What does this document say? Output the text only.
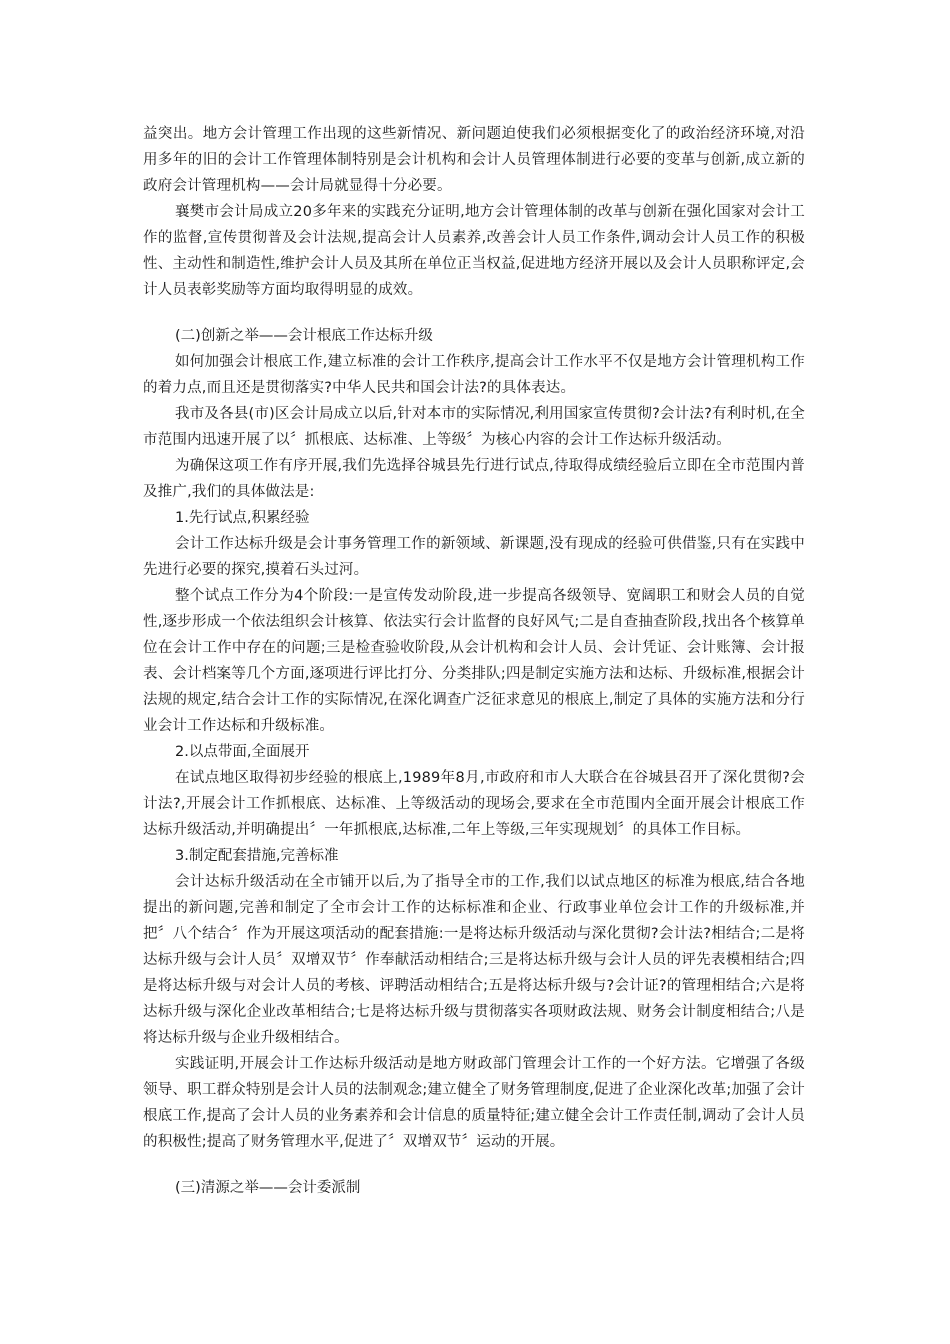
益突出。地方会计管理工作出现的这些新情况、新问题迫使我们必须根据变化了的政治经济环境,对沿用多年的旧的会计工作管理体制特别是会计机构和会计人员管理体制进行必要的变革与创新,成立新的政府会计管理机构——会计局就显得十分必要。

襄樊市会计局成立20多年来的实践充分证明,地方会计管理体制的改革与创新在强化国家对会计工作的监督,宣传贯彻普及会计法规,提高会计人员素养,改善会计人员工作条件,调动会计人员工作的积极性、主动性和制造性,维护会计人员及其所在单位正当权益,促进地方经济开展以及会计人员职称评定,会计人员表彰奖励等方面均取得明显的成效。

(二)创新之举——会计根底工作达标升级

如何加强会计根底工作,建立标准的会计工作秩序,提高会计工作水平不仅是地方会计管理机构工作的着力点,而且还是贯彻落实?中华人民共和国会计法?的具体表达。

我市及各县(市)区会计局成立以后,针对本市的实际情况,利用国家宣传贯彻?会计法?有利时机,在全市范围内迅速开展了以〞抓根底、达标准、上等级〞为核心内容的会计工作达标升级活动。

为确保这项工作有序开展,我们先选择谷城县先行进行试点,待取得成绩经验后立即在全市范围内普及推广,我们的具体做法是:

1.先行试点,积累经验

会计工作达标升级是会计事务管理工作的新领域、新课题,没有现成的经验可供借鉴,只有在实践中先进行必要的探究,摸着石头过河。

整个试点工作分为4个阶段:一是宣传发动阶段,进一步提高各级领导、宽阔职工和财会人员的自觉性,逐步形成一个依法组织会计核算、依法实行会计监督的良好风气;二是自查抽查阶段,找出各个核算单位在会计工作中存在的问题;三是检查验收阶段,从会计机构和会计人员、会计凭证、会计账簿、会计报表、会计档案等几个方面,逐项进行评比打分、分类排队;四是制定实施方法和达标、升级标准,根据会计法规的规定,结合会计工作的实际情况,在深化调查广泛征求意见的根底上,制定了具体的实施方法和分行业会计工作达标和升级标准。

2.以点带面,全面展开

在试点地区取得初步经验的根底上,1989年8月,市政府和市人大联合在谷城县召开了深化贯彻?会计法?,开展会计工作抓根底、达标准、上等级活动的现场会,要求在全市范围内全面开展会计根底工作达标升级活动,并明确提出〞一年抓根底,达标准,二年上等级,三年实现规划〞的具体工作目标。

3.制定配套措施,完善标准

会计达标升级活动在全市铺开以后,为了指导全市的工作,我们以试点地区的标准为根底,结合各地提出的新问题,完善和制定了全市会计工作的达标标准和企业、行政事业单位会计工作的升级标准,并把〞八个结合〞作为开展这项活动的配套措施:一是将达标升级活动与深化贯彻?会计法?相结合;二是将达标升级与会计人员〞双增双节〞作奉献活动相结合;三是将达标升级与会计人员的评先表模相结合;四是将达标升级与对会计人员的考核、评聘活动相结合;五是将达标升级与?会计证?的管理相结合;六是将达标升级与深化企业改革相结合;七是将达标升级与贯彻落实各项财政法规、财务会计制度相结合;八是将达标升级与企业升级相结合。

实践证明,开展会计工作达标升级活动是地方财政部门管理会计工作的一个好方法。它增强了各级领导、职工群众特别是会计人员的法制观念;建立健全了财务管理制度,促进了企业深化改革;加强了会计根底工作,提高了会计人员的业务素养和会计信息的质量特征;建立健全会计工作责任制,调动了会计人员的积极性;提高了财务管理水平,促进了〞双增双节〞运动的开展。

(三)清源之举——会计委派制
